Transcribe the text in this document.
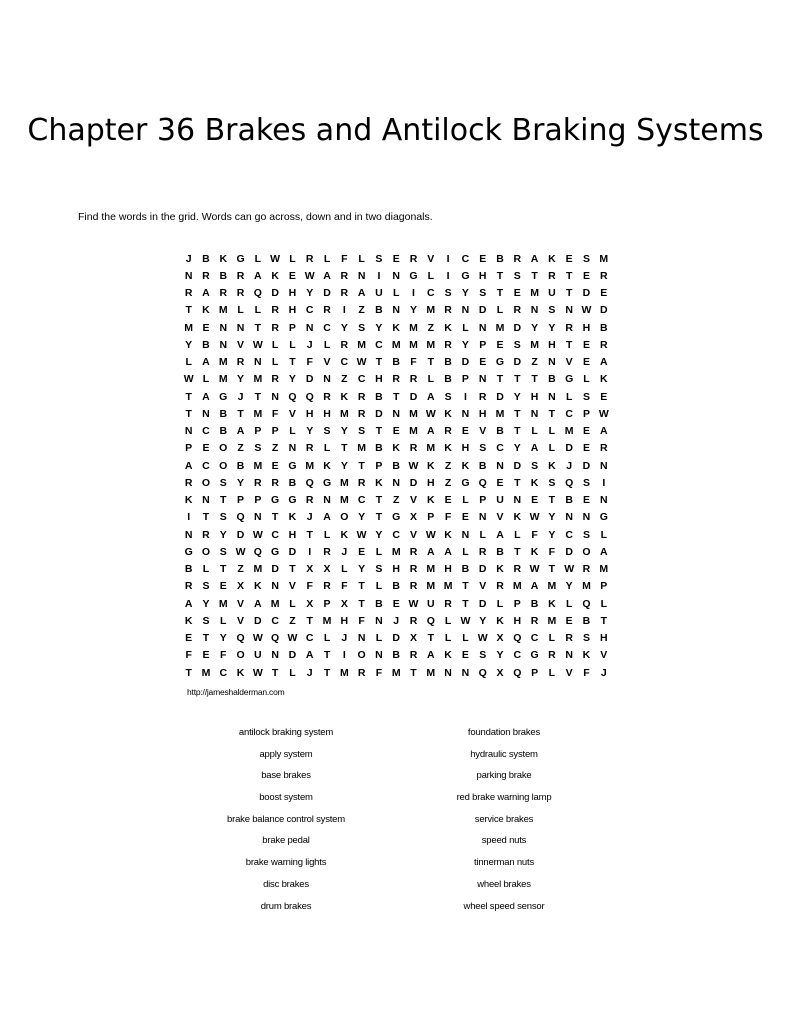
Chapter 36 Brakes and Antilock Braking Systems
Find the words in the grid. Words can go across, down and in two diagonals.
J	B K G L W L R L	F	L	S E R V	I	C E B R A K E S M
N R B R A K E W A R N	I	N G L	I	G H T	S	T R T	E R
R A R R Q D H Y D R A U L	I	C S Y S	T	E M U T D E
T K M L	L R H C R	I	Z B N Y M R N D L R N S N W D
M E N N T R P N C Y S Y K M Z K L N M D Y Y R H B
Y B N V W L	L	J	L R M C M M M R Y P E S M H T	E R
L A M R N L	T	F	V C W T B F	T B D E G D Z N V E A
W L M Y M R Y D N Z C H R R L B P N T	T	T B G L K
T A G J	T N Q Q R K R B T D A S	I	R D Y H N L	S E
T N B T M F	V H H M R D N M W K N H M T N T C P W
N C B A P P	L	Y S Y S	T	E M A R E V B T	L	L M E A
P E O Z	S	Z N R L	T M B K R M K H S C Y A L D E R
A C O B M E G M K Y	T	P B W K Z K B N D S K	J	D N
R O S Y R R B Q G M R K N D H Z G Q E	T K S Q S	I
K N T	P P G G R N M C T	Z	V K E	L	P U N E	T B E N
I	T	S Q N T K	J	A O Y	T G X P	F	E N V K W Y N N G
N R Y D W C H T	L K W Y C V W K N L A L	F	Y C S	L
G O S W Q G D	I	R	J	E	L M R A A L R B T K F D O A
B L	T	Z M D T	X X	L	Y S H R M H B D K R W T W R M
R S E X K N V	F R F	T	L B R M M T	V R M A M Y M P
A Y M V A M L	X P X	T B E W U R T D L	P B K L Q L
K S	L	V D C Z	T M H F N	J	R Q L W Y K H R M E B T
E	T	Y Q W Q W C L	J	N L D X	T	L	L W X Q C L R S H
F	E	F O U N D A T	I	O N B R A K E S Y C G R N K V
T M C K W T	L	J	T M R F M T M N N Q X Q P	L	V	F	J
http://jameshalderman.com
antilock braking system
apply system
base brakes
boost system
brake balance control system
brake pedal
brake warning lights
disc brakes
drum brakes
foundation brakes
hydraulic system
parking brake
red brake warning lamp
service brakes
speed nuts
tinnerman nuts
wheel brakes
wheel speed sensor
